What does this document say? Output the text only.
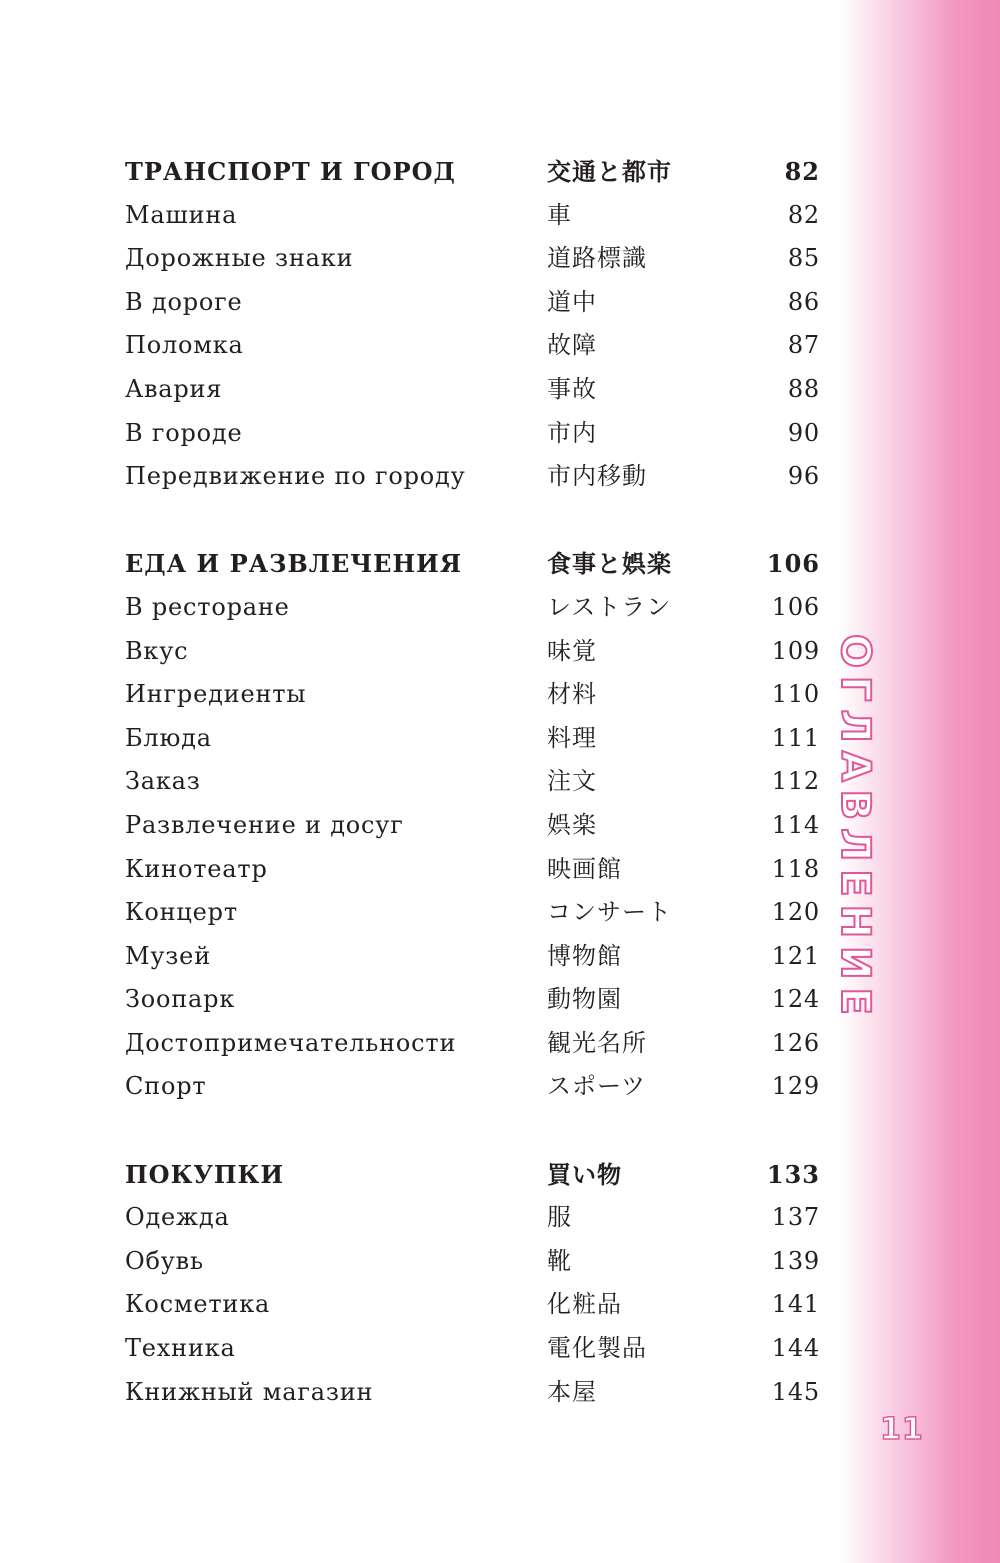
ОГЛАВЛЕНИЕ
11
ТРАНСПОРТ И ГОРОД	交通と都市	82
Машина	車	82
Дорожные знаки	道路標識	85
В дороге	道中	86
Поломка	故障	87
Авария	事故	88
В городе	市内	90
Передвижение по городу	市内移動	96
ЕДА И РАЗВЛЕЧЕНИЯ	食事と娯楽	106
В ресторане	レストラン	106
Вкус	味覚	109
Ингредиенты	材料	110
Блюда	料理	111
Заказ	注文	112
Развлечение и досуг	娯楽	114
Кинотеатр	映画館	118
Концерт	コンサート	120
Музей	博物館	121
Зоопарк	動物園	124
Достопримечательности	観光名所	126
Спорт	スポーツ	129
ПОКУПКИ	買い物	133
Одежда	服	137
Обувь	靴	139
Косметика	化粧品	141
Техника	電化製品	144
Книжный магазин	本屋	145
